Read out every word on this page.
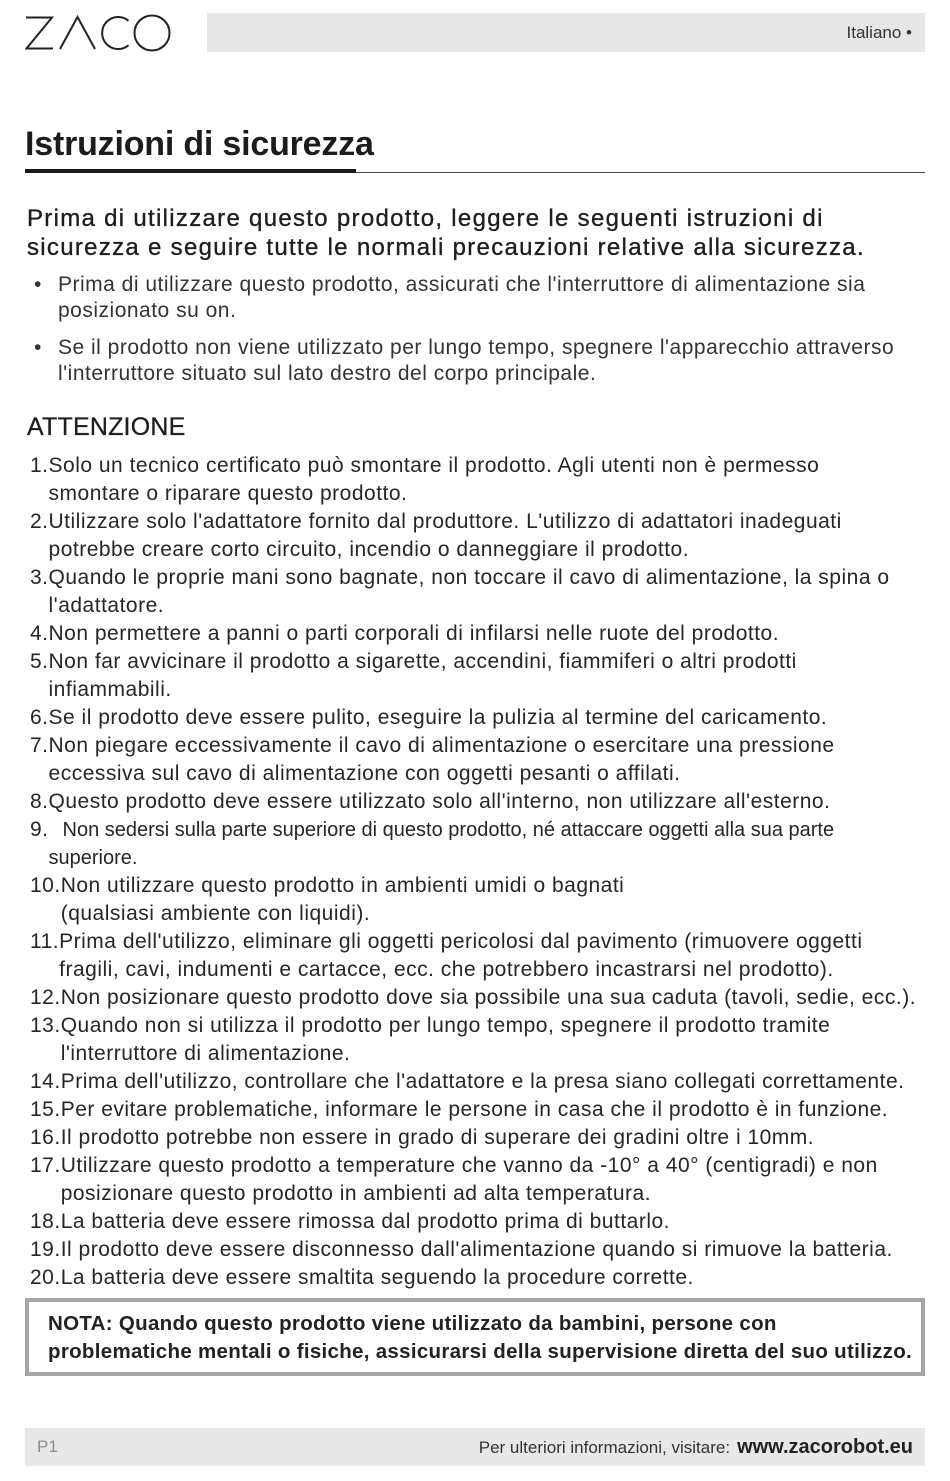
Italiano •
Istruzioni di sicurezza
Prima di utilizzare questo prodotto, leggere le seguenti istruzioni di
sicurezza e seguire tutte le normali precauzioni relative alla sicurezza.
• Prima di utilizzare questo prodotto, assicurati che l'interruttore di alimentazione sia
posizionato su on.
• Se il prodotto non viene utilizzato per lungo tempo, spegnere l'apparecchio attraverso
l'interruttore situato sul lato destro del corpo principale.
ATTENZIONE
1. Solo un tecnico certificato può smontare il prodotto. Agli utenti non è permesso
smontare o riparare questo prodotto.
2. Utilizzare solo l'adattatore fornito dal produttore. L'utilizzo di adattatori inadeguati
potrebbe creare corto circuito, incendio o danneggiare il prodotto.
3. Quando le proprie mani sono bagnate, non toccare il cavo di alimentazione, la spina o
l'adattatore.
4. Non permettere a panni o parti corporali di infilarsi nelle ruote del prodotto.
5. Non far avvicinare il prodotto a sigarette, accendini, fiammiferi o altri prodotti
infiammabili.
6. Se il prodotto deve essere pulito, eseguire la pulizia al termine del caricamento.
7. Non piegare eccessivamente il cavo di alimentazione o esercitare una pressione
eccessiva sul cavo di alimentazione con oggetti pesanti o affilati.
8. Questo prodotto deve essere utilizzato solo all'interno, non utilizzare all'esterno.
9. Non sedersi sulla parte superiore di questo prodotto, né attaccare oggetti alla sua parte
superiore.
10. Non utilizzare questo prodotto in ambienti umidi o bagnati
(qualsiasi ambiente con liquidi).
11. Prima dell'utilizzo, eliminare gli oggetti pericolosi dal pavimento (rimuovere oggetti
fragili, cavi, indumenti e cartacce, ecc. che potrebbero incastrarsi nel prodotto).
12. Non posizionare questo prodotto dove sia possibile una sua caduta (tavoli, sedie, ecc.).
13. Quando non si utilizza il prodotto per lungo tempo, spegnere il prodotto tramite
l'interruttore di alimentazione.
14. Prima dell'utilizzo, controllare che l'adattatore e la presa siano collegati correttamente.
15. Per evitare problematiche, informare le persone in casa che il prodotto è in funzione.
16. Il prodotto potrebbe non essere in grado di superare dei gradini oltre i 10mm.
17. Utilizzare questo prodotto a temperature che vanno da -10° a 40° (centigradi) e non
posizionare questo prodotto in ambienti ad alta temperatura.
18. La batteria deve essere rimossa dal prodotto prima di buttarlo.
19. Il prodotto deve essere disconnesso dall'alimentazione quando si rimuove la batteria.
20. La batteria deve essere smaltita seguendo la procedure corrette.
NOTA: Quando questo prodotto viene utilizzato da bambini, persone con
problematiche mentali o fisiche, assicurarsi della supervisione diretta del suo utilizzo.
P1	Per ulteriori informazioni, visitare: www.zacorobot.eu
